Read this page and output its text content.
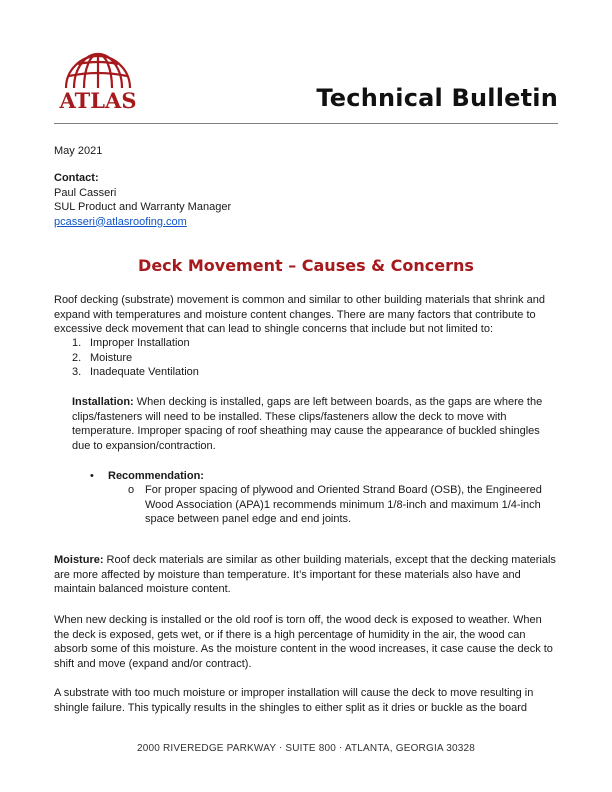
ATLAS	Technical Bulletin
May 2021
Contact:
Paul Casseri
SUL Product and Warranty Manager
pcasseri@atlasroofing.com
Deck Movement – Causes & Concerns
Roof decking (substrate) movement is common and similar to other building materials that shrink and expand with temperatures and moisture content changes. There are many factors that contribute to excessive deck movement that can lead to shingle concerns that include but not limited to:
1. Improper Installation
2. Moisture
3. Inadequate Ventilation
Installation: When decking is installed, gaps are left between boards, as the gaps are where the clips/fasteners will need to be installed. These clips/fasteners allow the deck to move with temperature. Improper spacing of roof sheathing may cause the appearance of buckled shingles due to expansion/contraction.
•	Recommendation:
o For proper spacing of plywood and Oriented Strand Board (OSB), the Engineered Wood Association (APA)1 recommends minimum 1/8-inch and maximum 1/4-inch space between panel edge and end joints.
Moisture: Roof deck materials are similar as other building materials, except that the decking materials are more affected by moisture than temperature. It’s important for these materials also have and maintain balanced moisture content.
When new decking is installed or the old roof is torn off, the wood deck is exposed to weather. When the deck is exposed, gets wet, or if there is a high percentage of humidity in the air, the wood can absorb some of this moisture. As the moisture content in the wood increases, it case cause the deck to shift and move (expand and/or contract).
A substrate with too much moisture or improper installation will cause the deck to move resulting in shingle failure. This typically results in the shingles to either split as it dries or buckle as the board
2000 RIVEREDGE PARKWAY ⋅ SUITE 800 ⋅ ATLANTA, GEORGIA 30328
